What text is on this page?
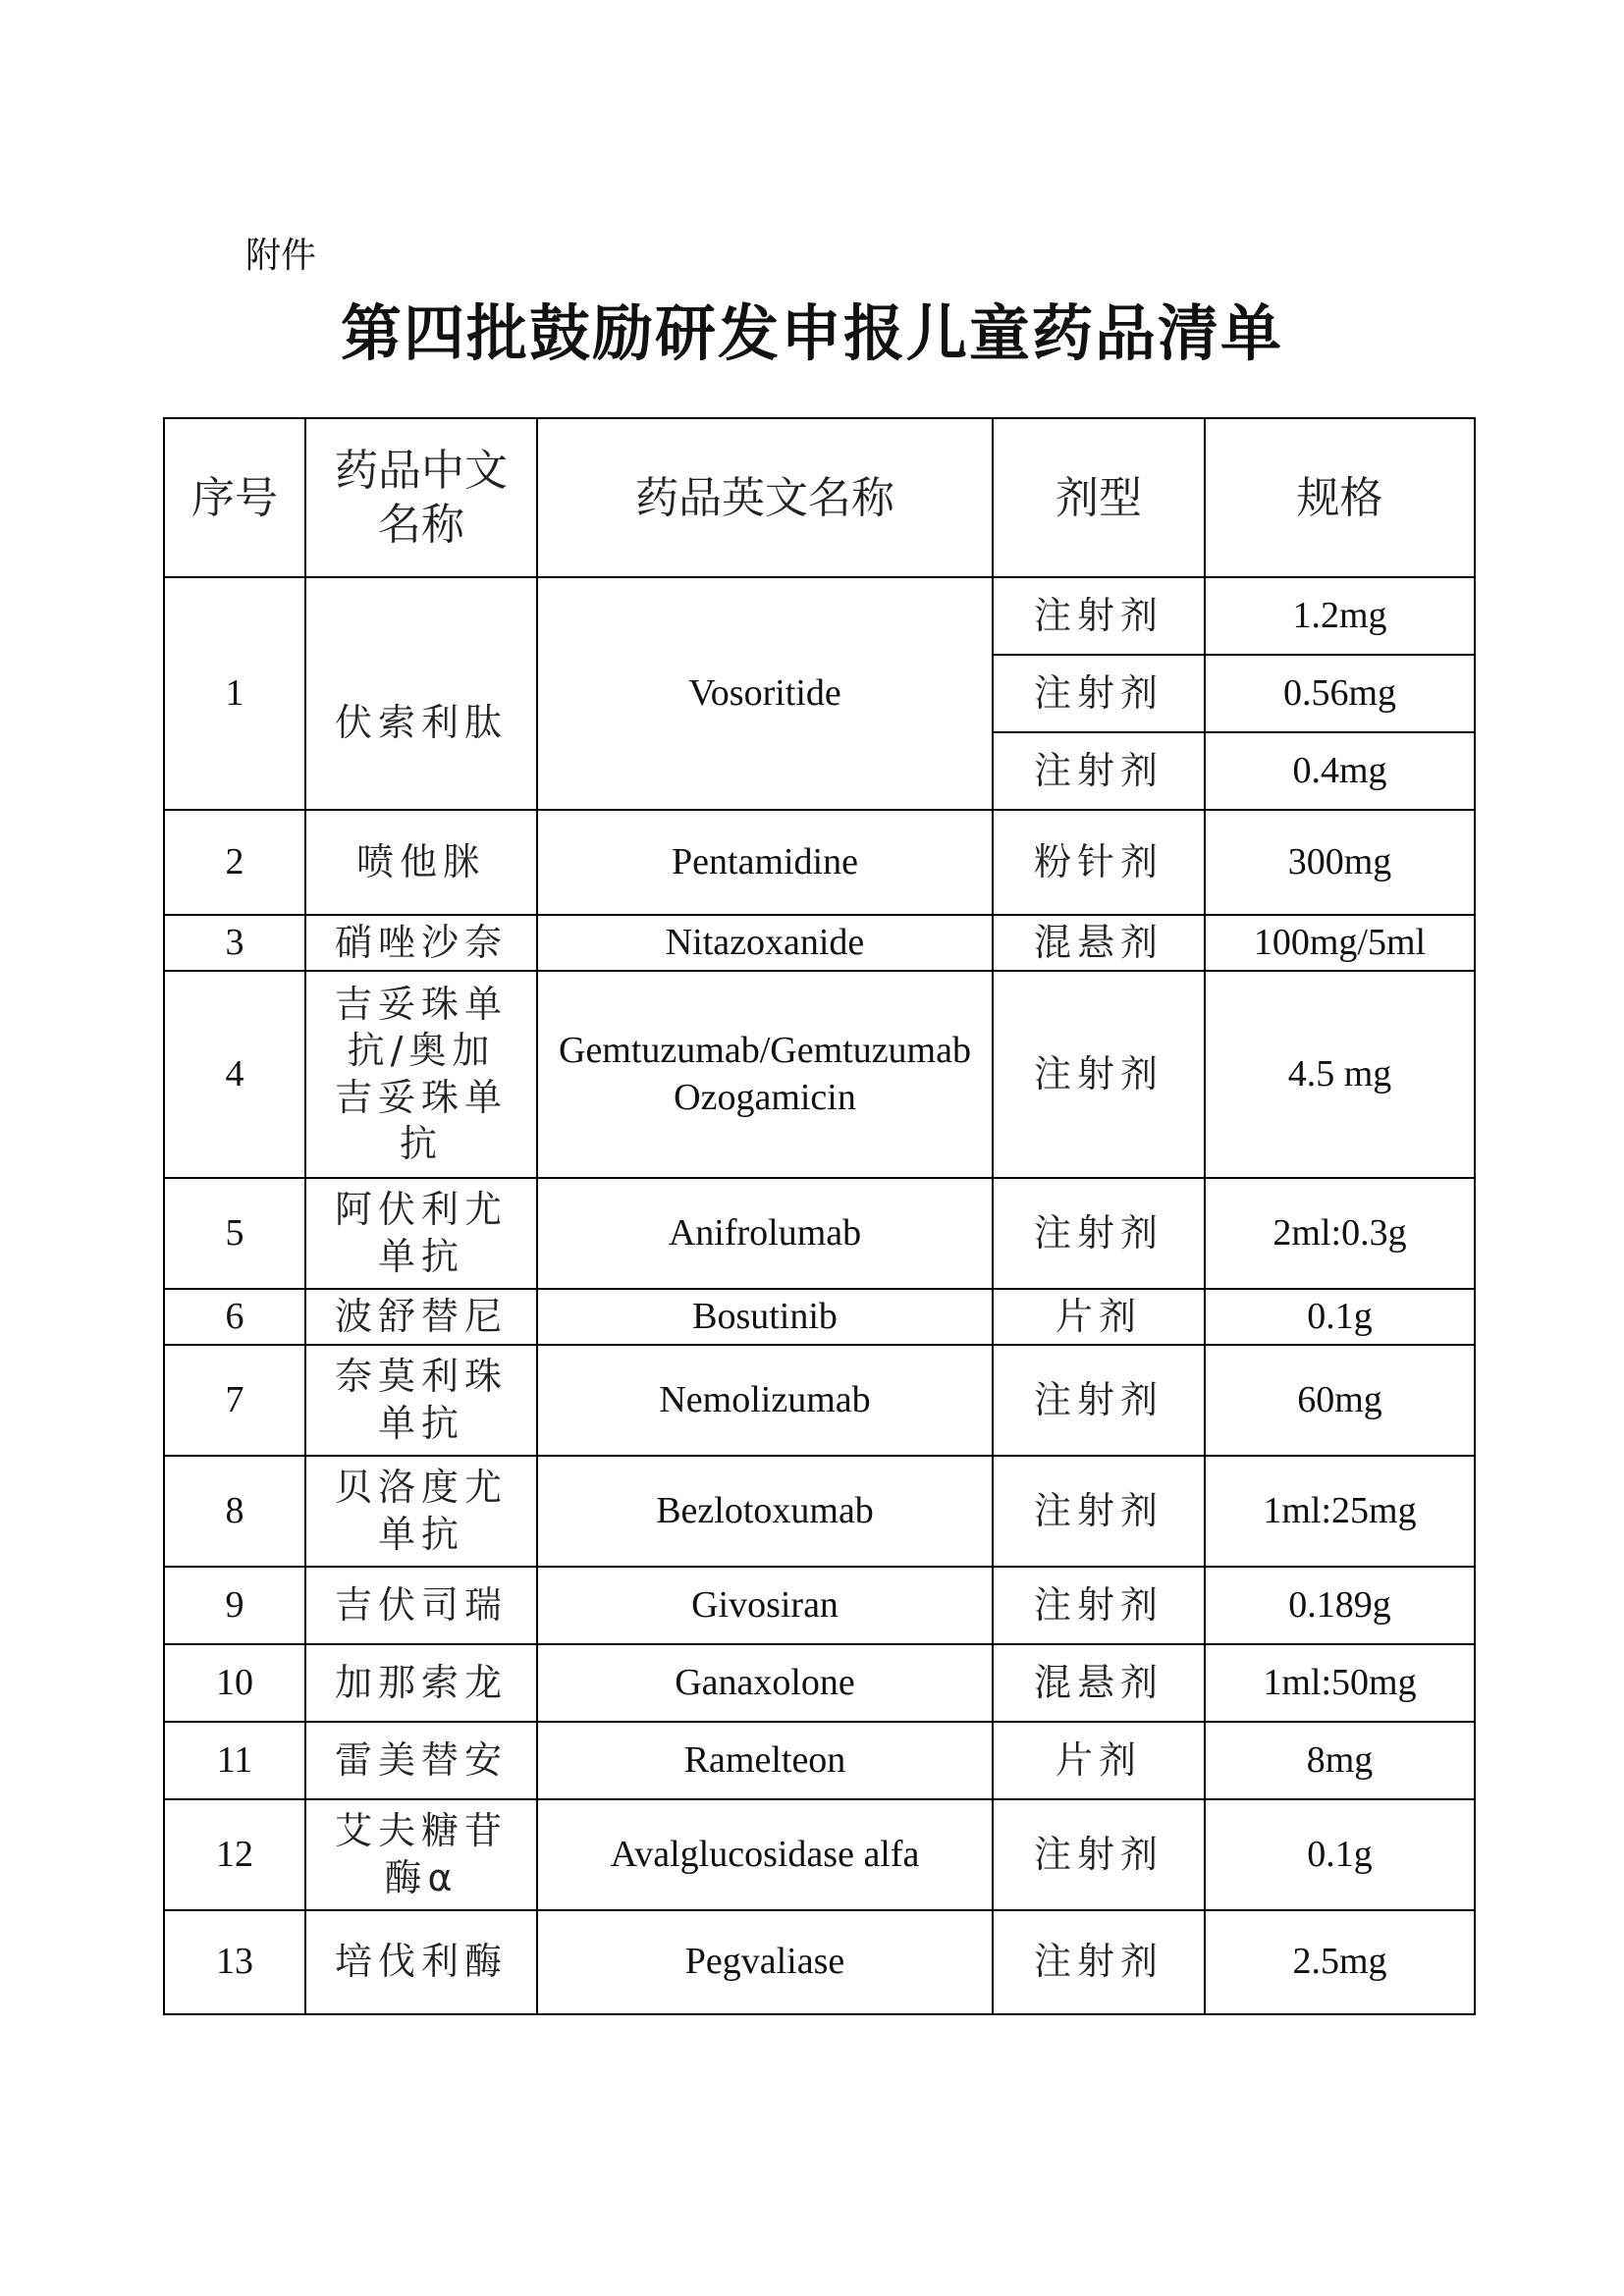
附件
第四批鼓励研发申报儿童药品清单
序号	药品中文名称	药品英文名称	剂型	规格
1	伏索利肽	Vosoritide	注射剂	1.2mg
			注射剂	0.56mg
			注射剂	0.4mg
2	喷他脒	Pentamidine	粉针剂	300mg
3	硝唑沙奈	Nitazoxanide	混悬剂	100mg/5ml
4	吉妥珠单抗/奥加吉妥珠单抗	Gemtuzumab/Gemtuzumab Ozogamicin	注射剂	4.5 mg
5	阿伏利尤单抗	Anifrolumab	注射剂	2ml:0.3g
6	波舒替尼	Bosutinib	片剂	0.1g
7	奈莫利珠单抗	Nemolizumab	注射剂	60mg
8	贝洛度尤单抗	Bezlotoxumab	注射剂	1ml:25mg
9	吉伏司瑞	Givosiran	注射剂	0.189g
10	加那索龙	Ganaxolone	混悬剂	1ml:50mg
11	雷美替安	Ramelteon	片剂	8mg
12	艾夫糖苷酶α	Avalglucosidase alfa	注射剂	0.1g
13	培伐利酶	Pegvaliase	注射剂	2.5mg
